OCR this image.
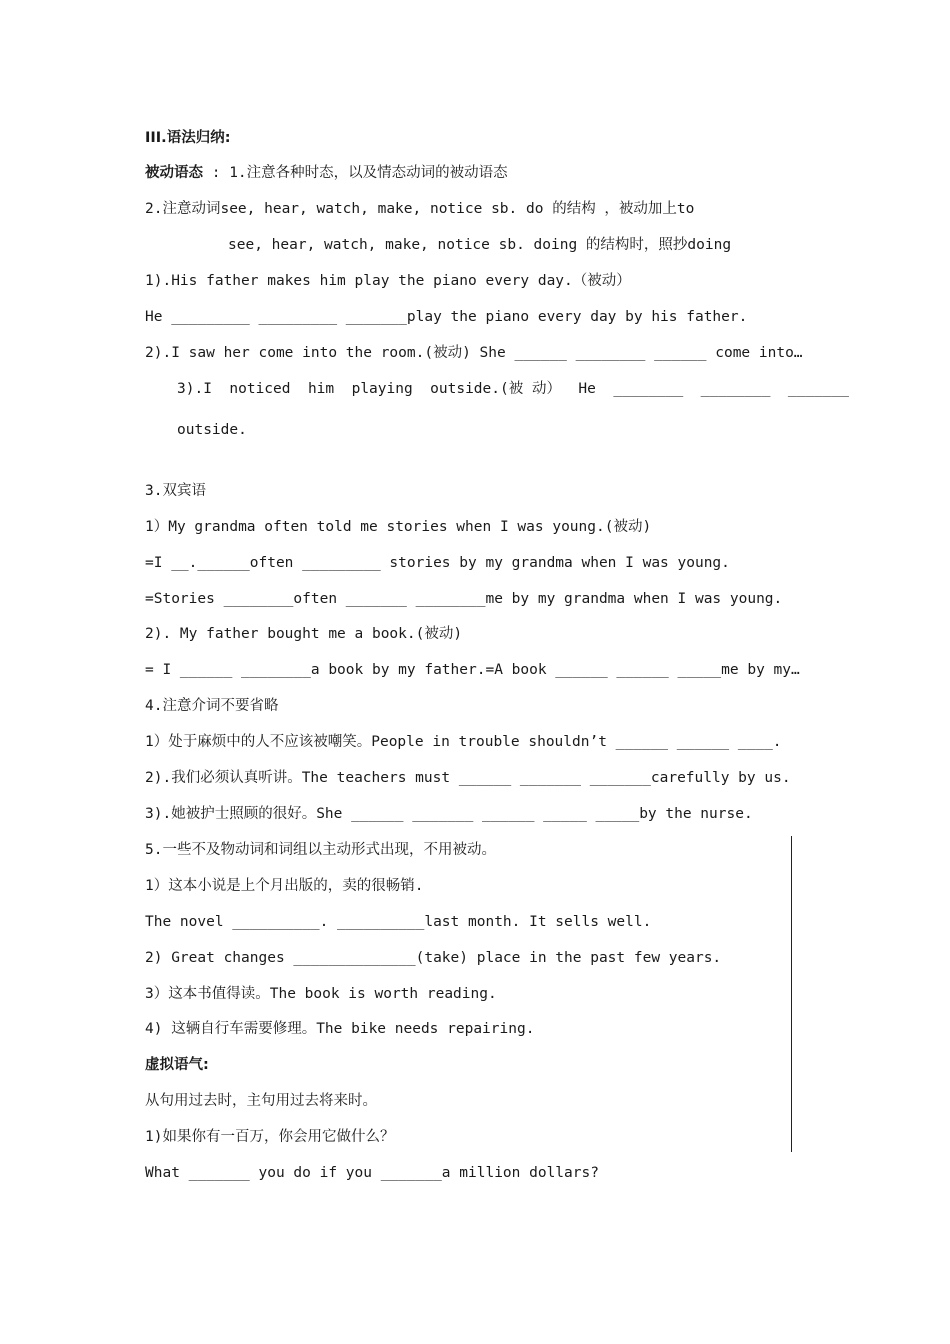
III.语法归纳:
被动语态 : 1.注意各种时态，以及情态动词的被动语态
2.注意动词see, hear, watch, make, notice sb. do 的结构 ，被动加上to
see, hear, watch, make, notice sb. doing 的结构时，照抄doing
1).His father makes him play the piano every day.（被动）
He _________ _________ _______play the piano every day by his father.
2).I saw her come into the room.(被动) She ______ ________ ______ come into…
3).I  noticed  him  playing  outside.(被 动）  He  ________  ________  _______
outside.
3.双宾语
1）My grandma often told me stories when I was young.(被动)
=I __.______often _________ stories by my grandma when I was young.
=Stories ________often _______ ________me by my grandma when I was young.
2). My father bought me a book.(被动)
= I ______ ________a book by my father.=A book ______ ______ _____me by my…
4.注意介词不要省略
1）处于麻烦中的人不应该被嘲笑。People in trouble shouldn’t ______ ______ ____.
2).我们必须认真听讲。The teachers must ______ _______ _______carefully by us.
3).她被护士照顾的很好。She ______ _______ ______ _____ _____by the nurse.
5.一些不及物动词和词组以主动形式出现，不用被动。
1）这本小说是上个月出版的，卖的很畅销.
The novel __________. __________last month. It sells well.
2) Great changes ______________(take) place in the past few years.
3）这本书值得读。The book is worth reading.
4) 这辆自行车需要修理。The bike needs repairing.
虚拟语气:
从句用过去时，主句用过去将来时。
1)如果你有一百万，你会用它做什么？
What _______ you do if you _______a million dollars?
